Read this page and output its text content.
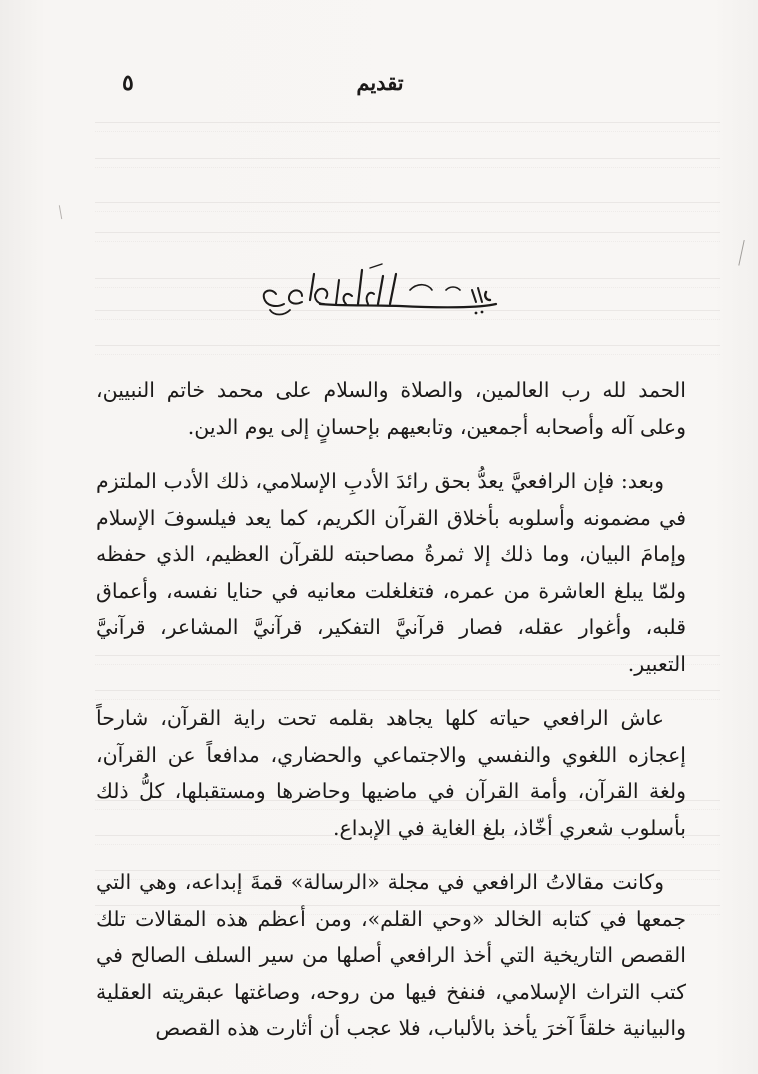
٥	تقديم

الحمد لله رب العالمين، والصلاة والسلام على محمد خاتم النبيين، وعلى آله وأصحابه أجمعين، وتابعيهم بإحسانٍ إلى يوم الدين.

وبعد: فإن الرافعيَّ يعدُّ بحق رائدَ الأدبِ الإسلامي، ذلك الأدب الملتزم في مضمونه وأسلوبه بأخلاق القرآن الكريم، كما يعد فيلسوفَ الإسلام وإمامَ البيان، وما ذلك إلا ثمرةُ مصاحبته للقرآن العظيم، الذي حفظه ولمّا يبلغ العاشرة من عمره، فتغلغلت معانيه في حنايا نفسه، وأعماق قلبه، وأغوار عقله، فصار قرآنيَّ التفكير، قرآنيَّ المشاعر، قرآنيَّ التعبير.

عاش الرافعي حياته كلها يجاهد بقلمه تحت راية القرآن، شارحاً إعجازه اللغوي والنفسي والاجتماعي والحضاري، مدافعاً عن القرآن، ولغة القرآن، وأمة القرآن في ماضيها وحاضرها ومستقبلها، كلُّ ذلك بأسلوب شعري أخّاذ، بلغ الغاية في الإبداع.

وكانت مقالاتُ الرافعي في مجلة «الرسالة» قمةَ إبداعه، وهي التي جمعها في كتابه الخالد «وحي القلم»، ومن أعظم هذه المقالات تلك القصص التاريخية التي أخذ الرافعي أصلها من سير السلف الصالح في كتب التراث الإسلامي، فنفخ فيها من روحه، وصاغتها عبقريته العقلية والبيانية خلقاً آخرَ يأخذ بالألباب، فلا عجب أن أثارت هذه القصص
